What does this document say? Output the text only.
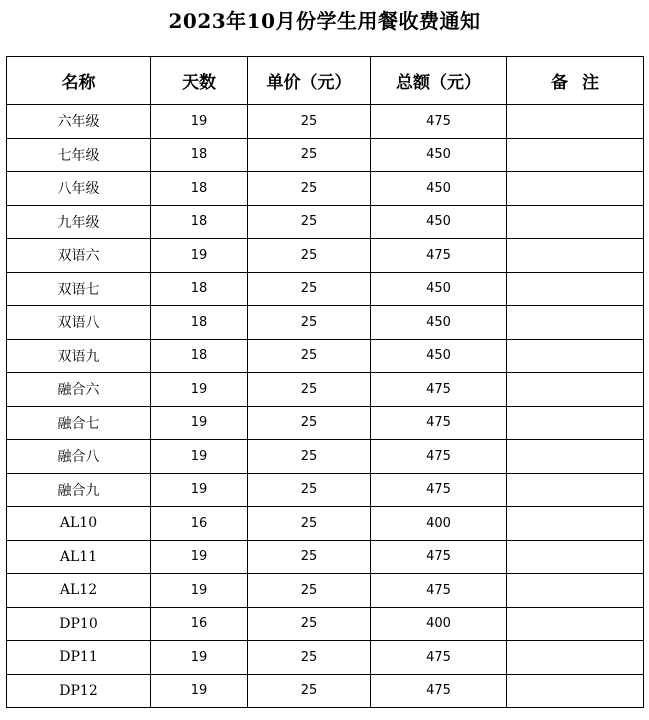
2023年10月份学生用餐收费通知
名称	天数	单价（元）	总额（元）	备注
六年级	19	25	475	
七年级	18	25	450	
八年级	18	25	450	
九年级	18	25	450	
双语六	19	25	475	
双语七	18	25	450	
双语八	18	25	450	
双语九	18	25	450	
融合六	19	25	475	
融合七	19	25	475	
融合八	19	25	475	
融合九	19	25	475	
AL10	16	25	400	
AL11	19	25	475	
AL12	19	25	475	
DP10	16	25	400	
DP11	19	25	475	
DP12	19	25	475	
